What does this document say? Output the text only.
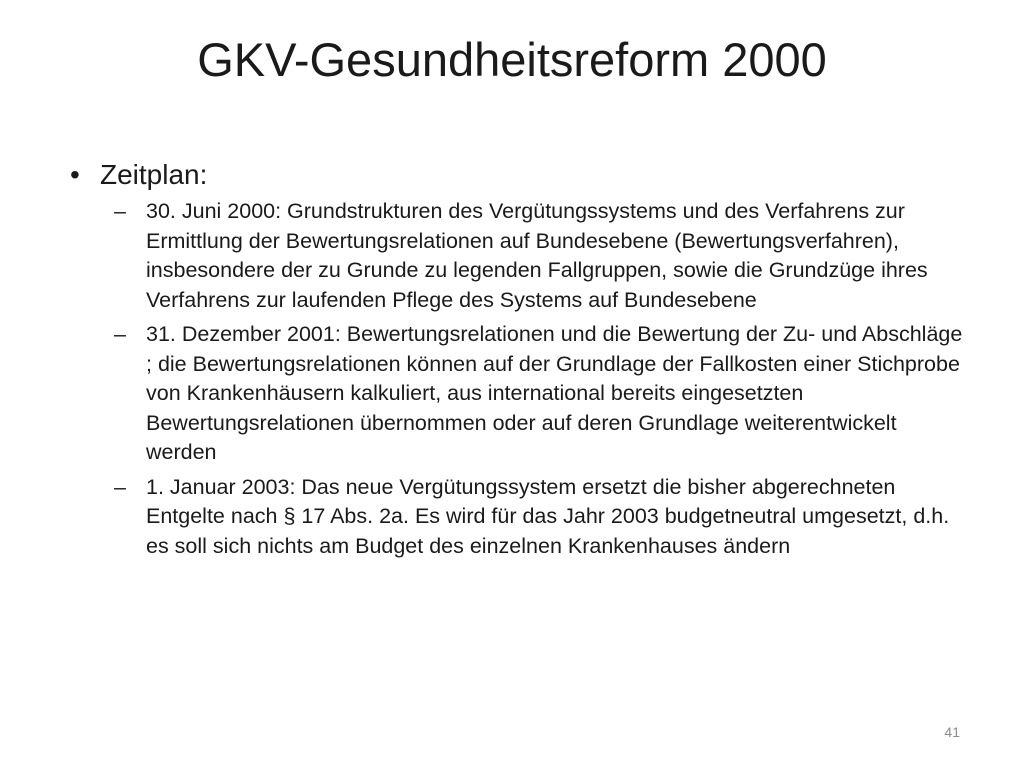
GKV-Gesundheitsreform 2000
• Zeitplan:
– 30. Juni 2000: Grundstrukturen des Vergütungssystems und des Verfahrens zur Ermittlung der Bewertungsrelationen auf Bundesebene (Bewertungsverfahren), insbesondere der zu Grunde zu legenden Fallgruppen, sowie die Grundzüge ihres Verfahrens zur laufenden Pflege des Systems auf Bundesebene
– 31. Dezember 2001: Bewertungsrelationen und die Bewertung der Zu- und Abschläge ; die Bewertungsrelationen können auf der Grundlage der Fallkosten einer Stichprobe von Krankenhäusern kalkuliert, aus international bereits eingesetzten Bewertungsrelationen übernommen oder auf deren Grundlage weiterentwickelt werden
– 1. Januar 2003: Das neue Vergütungssystem ersetzt die bisher abgerechneten Entgelte nach § 17 Abs. 2a. Es wird für das Jahr 2003 budgetneutral umgesetzt, d.h. es soll sich nichts am Budget des einzelnen Krankenhauses ändern
41
